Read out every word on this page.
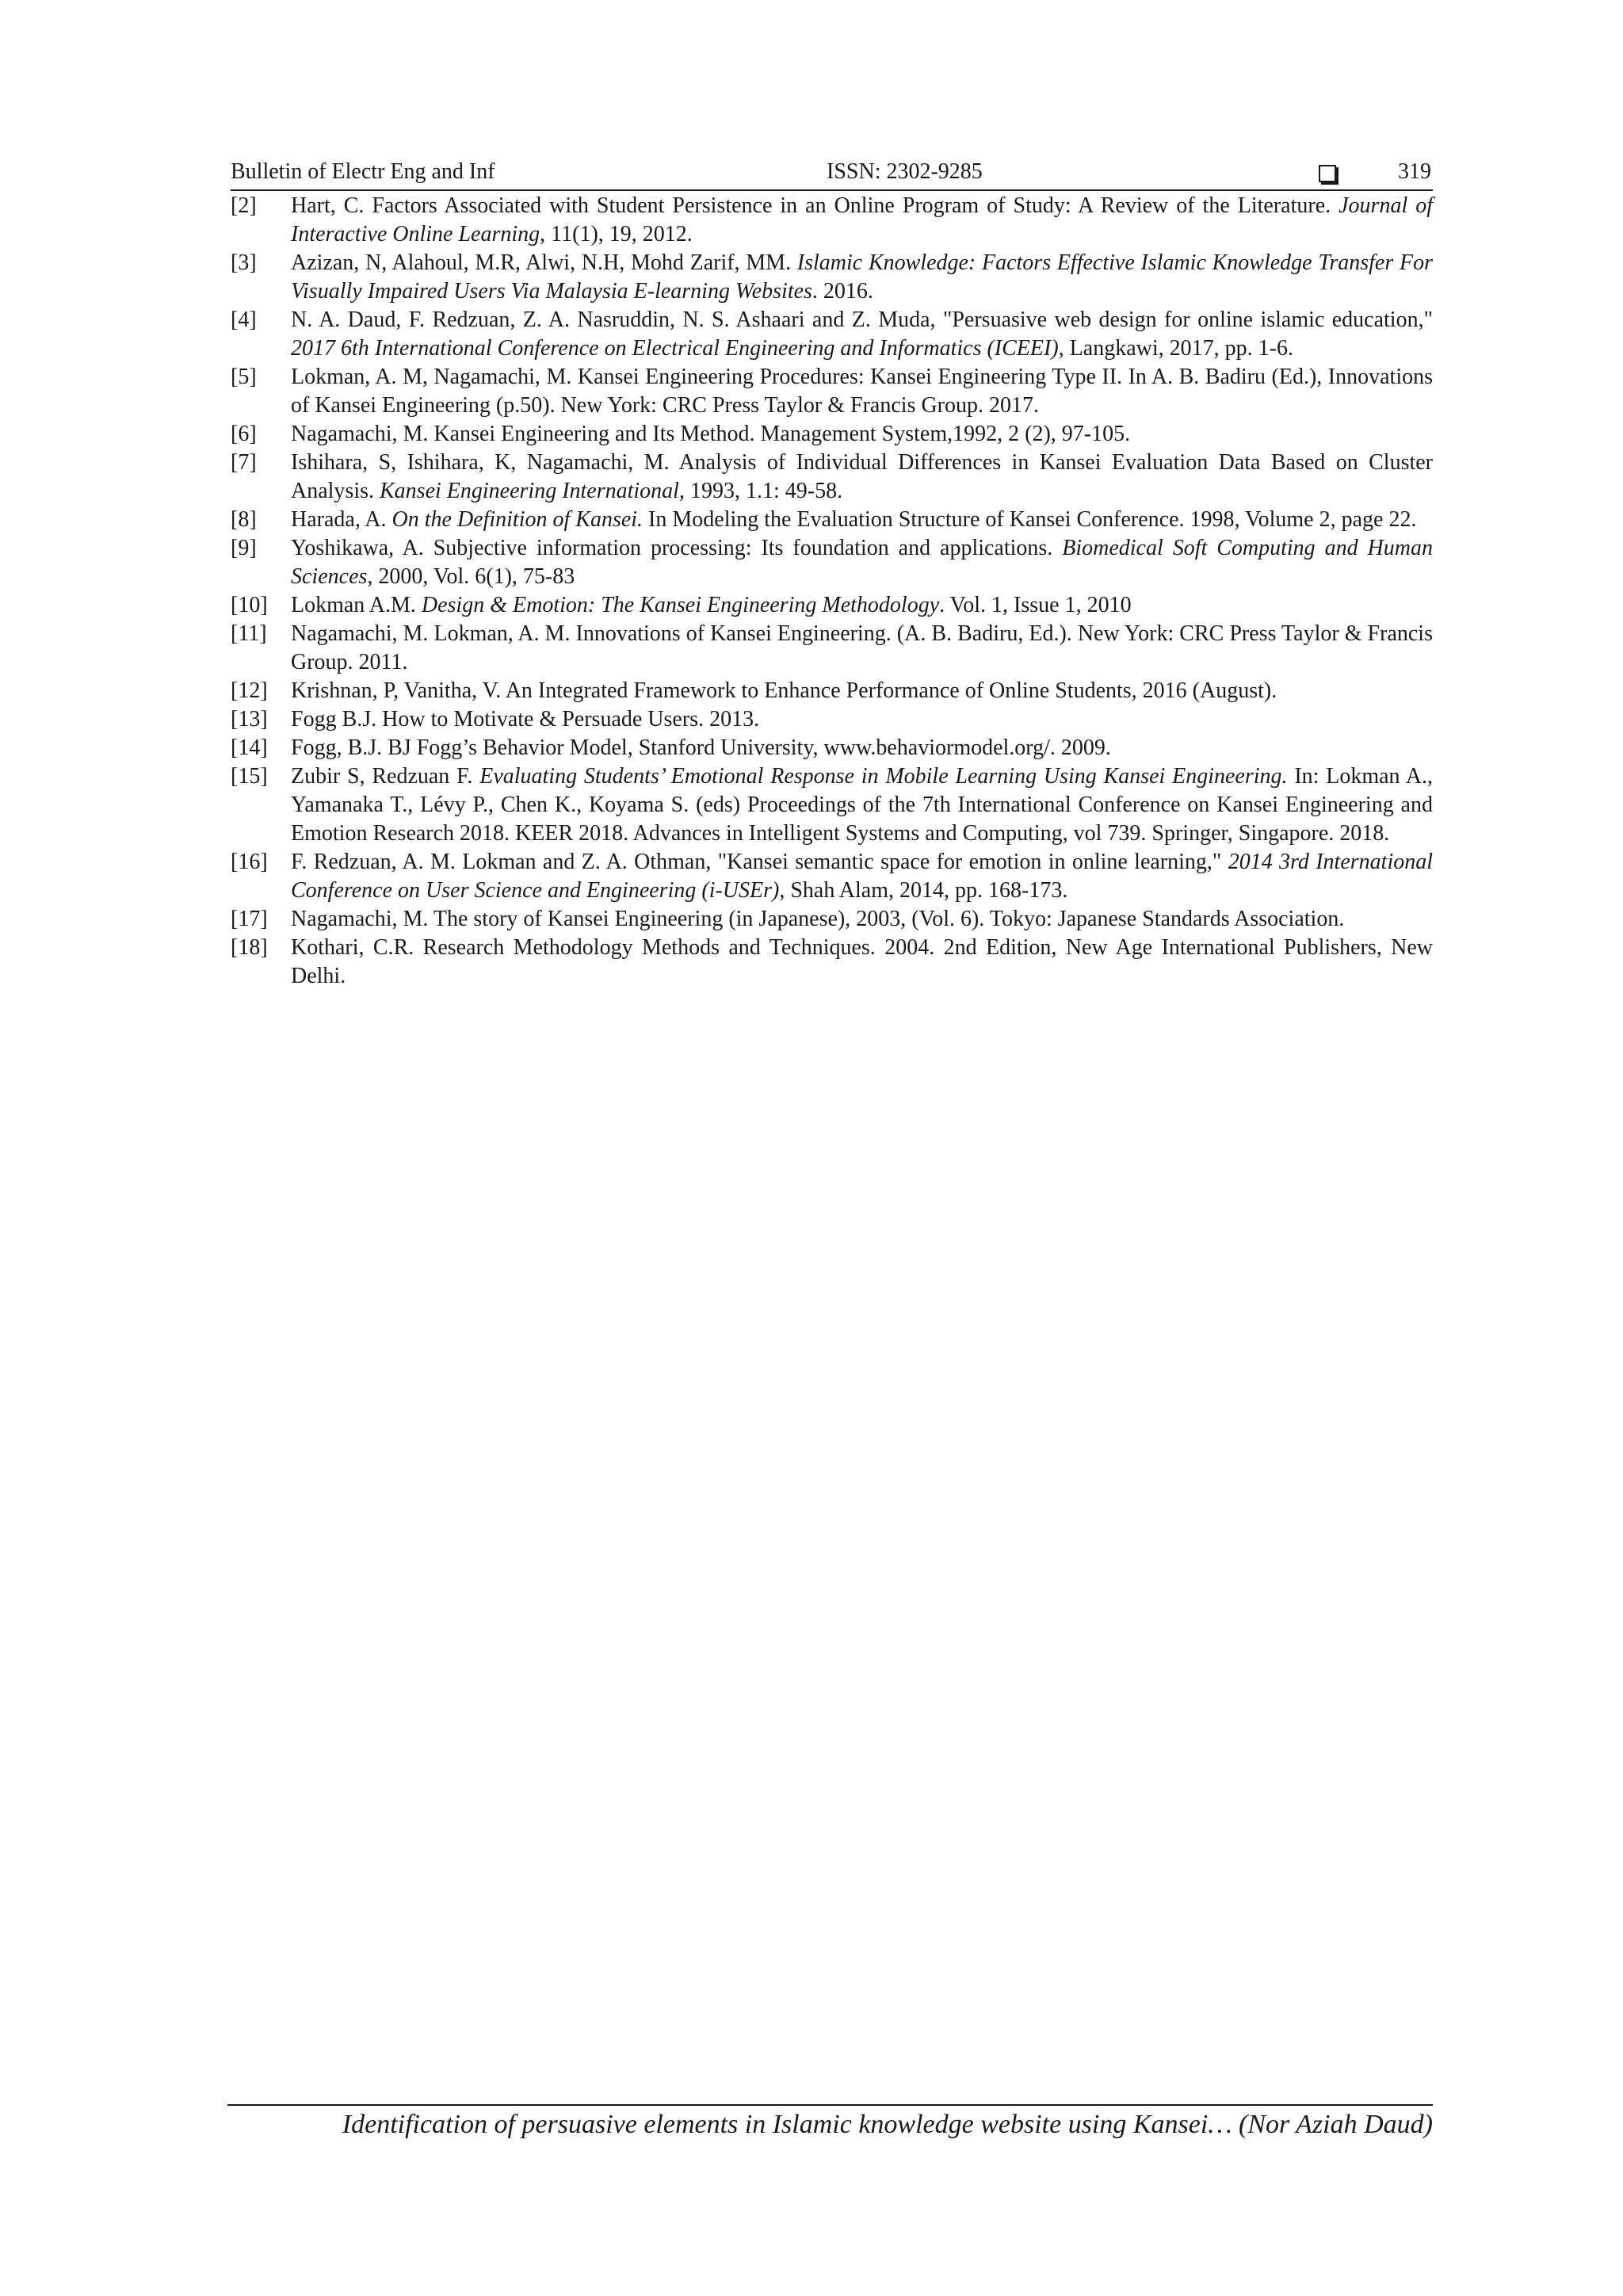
Bulletin of Electr Eng and Inf	ISSN: 2302-9285	319
[2] Hart, C. Factors Associated with Student Persistence in an Online Program of Study: A Review of the Literature. Journal of Interactive Online Learning, 11(1), 19, 2012.
[3] Azizan, N, Alahoul, M.R, Alwi, N.H, Mohd Zarif, MM. Islamic Knowledge: Factors Effective Islamic Knowledge Transfer For Visually Impaired Users Via Malaysia E-learning Websites. 2016.
[4] N. A. Daud, F. Redzuan, Z. A. Nasruddin, N. S. Ashaari and Z. Muda, "Persuasive web design for online islamic education," 2017 6th International Conference on Electrical Engineering and Informatics (ICEEI), Langkawi, 2017, pp. 1-6.
[5] Lokman, A. M, Nagamachi, M. Kansei Engineering Procedures: Kansei Engineering Type II. In A. B. Badiru (Ed.), Innovations of Kansei Engineering (p.50). New York: CRC Press Taylor & Francis Group. 2017.
[6] Nagamachi, M. Kansei Engineering and Its Method. Management System,1992, 2 (2), 97-105.
[7] Ishihara, S, Ishihara, K, Nagamachi, M. Analysis of Individual Differences in Kansei Evaluation Data Based on Cluster Analysis. Kansei Engineering International, 1993, 1.1: 49-58.
[8] Harada, A. On the Definition of Kansei. In Modeling the Evaluation Structure of Kansei Conference. 1998, Volume 2, page 22.
[9] Yoshikawa, A. Subjective information processing: Its foundation and applications. Biomedical Soft Computing and Human Sciences, 2000, Vol. 6(1), 75-83
[10] Lokman A.M. Design & Emotion: The Kansei Engineering Methodology. Vol. 1, Issue 1, 2010
[11] Nagamachi, M. Lokman, A. M. Innovations of Kansei Engineering. (A. B. Badiru, Ed.). New York: CRC Press Taylor & Francis Group. 2011.
[12] Krishnan, P, Vanitha, V. An Integrated Framework to Enhance Performance of Online Students, 2016 (August).
[13] Fogg B.J. How to Motivate & Persuade Users. 2013.
[14] Fogg, B.J. BJ Fogg’s Behavior Model, Stanford University, www.behaviormodel.org/. 2009.
[15] Zubir S, Redzuan F. Evaluating Students’ Emotional Response in Mobile Learning Using Kansei Engineering. In: Lokman A., Yamanaka T., Lévy P., Chen K., Koyama S. (eds) Proceedings of the 7th International Conference on Kansei Engineering and Emotion Research 2018. KEER 2018. Advances in Intelligent Systems and Computing, vol 739. Springer, Singapore. 2018.
[16] F. Redzuan, A. M. Lokman and Z. A. Othman, "Kansei semantic space for emotion in online learning," 2014 3rd International Conference on User Science and Engineering (i-USEr), Shah Alam, 2014, pp. 168-173.
[17] Nagamachi, M. The story of Kansei Engineering (in Japanese), 2003, (Vol. 6). Tokyo: Japanese Standards Association.
[18] Kothari, C.R. Research Methodology Methods and Techniques. 2004. 2nd Edition, New Age International Publishers, New Delhi.
Identification of persuasive elements in Islamic knowledge website using Kansei… (Nor Aziah Daud)
